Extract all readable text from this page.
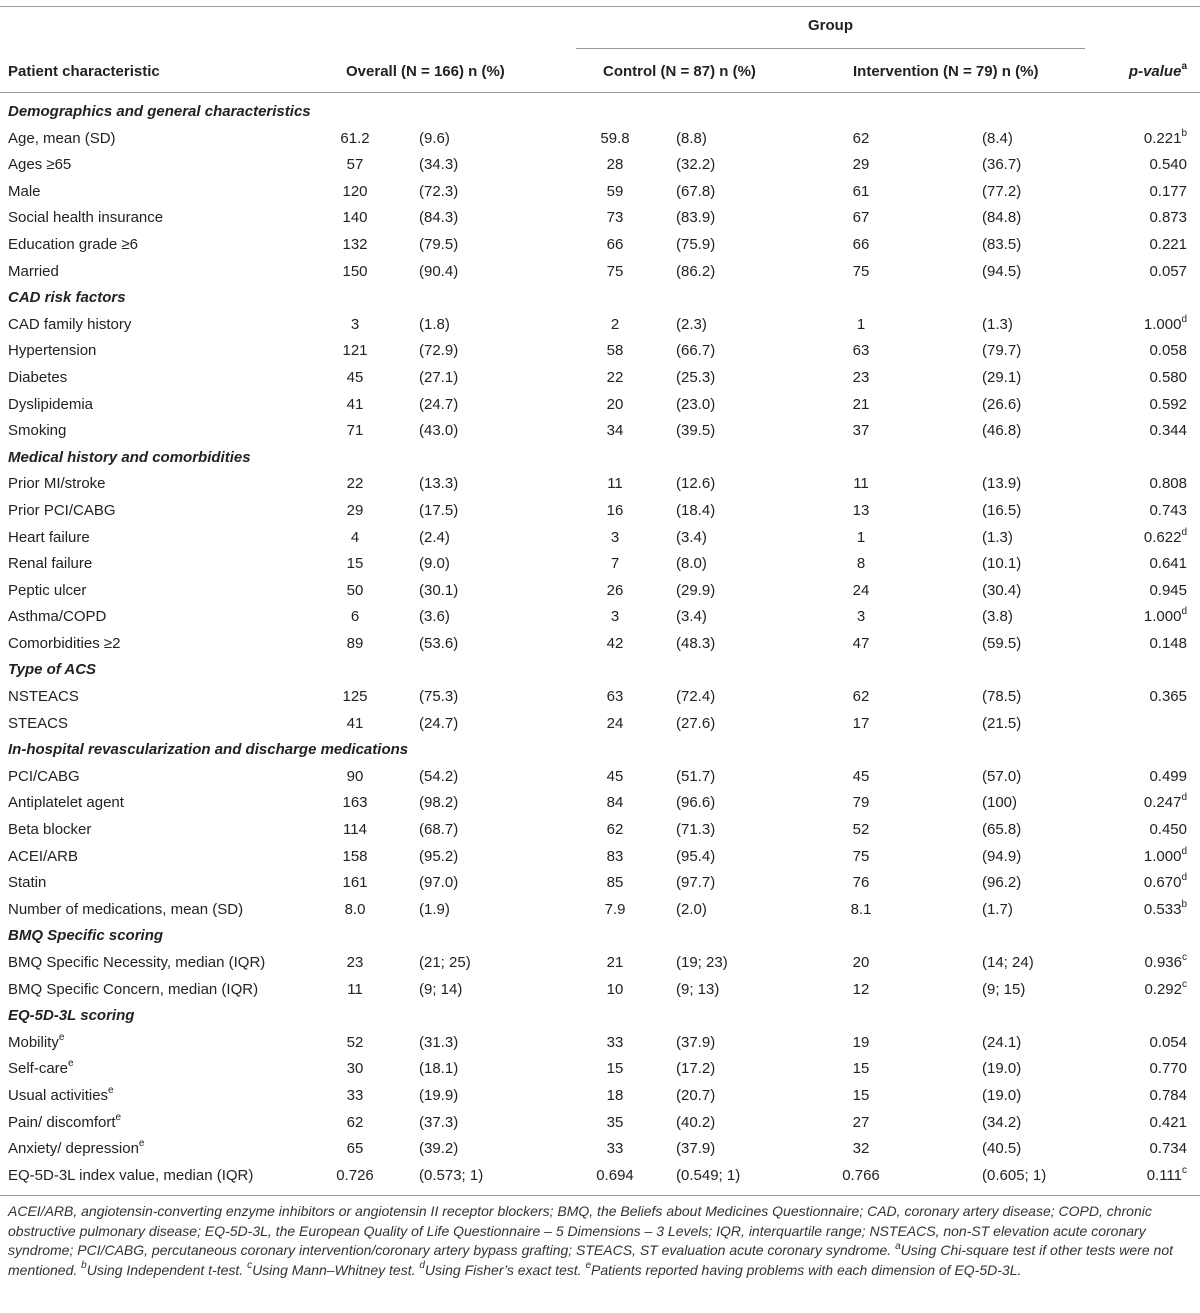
Group
Patient characteristic	Overall (N = 166) n (%)	Control (N = 87) n (%)	Intervention (N = 79) n (%)	p-value$^a$
Demographics and general characteristics
Age, mean (SD)	61.2	(9.6)	59.8	(8.8)	62	(8.4)	0.221$^b$
Ages ≥65	57	(34.3)	28	(32.2)	29	(36.7)	0.540
Male	120	(72.3)	59	(67.8)	61	(77.2)	0.177
Social health insurance	140	(84.3)	73	(83.9)	67	(84.8)	0.873
Education grade ≥6	132	(79.5)	66	(75.9)	66	(83.5)	0.221
Married	150	(90.4)	75	(86.2)	75	(94.5)	0.057
CAD risk factors
CAD family history	3	(1.8)	2	(2.3)	1	(1.3)	1.000$^d$
Hypertension	121	(72.9)	58	(66.7)	63	(79.7)	0.058
Diabetes	45	(27.1)	22	(25.3)	23	(29.1)	0.580
Dyslipidemia	41	(24.7)	20	(23.0)	21	(26.6)	0.592
Smoking	71	(43.0)	34	(39.5)	37	(46.8)	0.344
Medical history and comorbidities
Prior MI/stroke	22	(13.3)	11	(12.6)	11	(13.9)	0.808
Prior PCI/CABG	29	(17.5)	16	(18.4)	13	(16.5)	0.743
Heart failure	4	(2.4)	3	(3.4)	1	(1.3)	0.622$^d$
Renal failure	15	(9.0)	7	(8.0)	8	(10.1)	0.641
Peptic ulcer	50	(30.1)	26	(29.9)	24	(30.4)	0.945
Asthma/COPD	6	(3.6)	3	(3.4)	3	(3.8)	1.000$^d$
Comorbidities ≥2	89	(53.6)	42	(48.3)	47	(59.5)	0.148
Type of ACS
NSTEACS	125	(75.3)	63	(72.4)	62	(78.5)	0.365
STEACS	41	(24.7)	24	(27.6)	17	(21.5)
In-hospital revascularization and discharge medications
PCI/CABG	90	(54.2)	45	(51.7)	45	(57.0)	0.499
Antiplatelet agent	163	(98.2)	84	(96.6)	79	(100)	0.247$^d$
Beta blocker	114	(68.7)	62	(71.3)	52	(65.8)	0.450
ACEI/ARB	158	(95.2)	83	(95.4)	75	(94.9)	1.000$^d$
Statin	161	(97.0)	85	(97.7)	76	(96.2)	0.670$^d$
Number of medications, mean (SD)	8.0	(1.9)	7.9	(2.0)	8.1	(1.7)	0.533$^b$
BMQ Specific scoring
BMQ Specific Necessity, median (IQR)	23	(21; 25)	21	(19; 23)	20	(14; 24)	0.936$^c$
BMQ Specific Concern, median (IQR)	11	(9; 14)	10	(9; 13)	12	(9; 15)	0.292$^c$
EQ-5D-3L scoring
Mobility$^e$	52	(31.3)	33	(37.9)	19	(24.1)	0.054
Self-care$^e$	30	(18.1)	15	(17.2)	15	(19.0)	0.770
Usual activities$^e$	33	(19.9)	18	(20.7)	15	(19.0)	0.784
Pain/ discomfort$^e$	62	(37.3)	35	(40.2)	27	(34.2)	0.421
Anxiety/ depression$^e$	65	(39.2)	33	(37.9)	32	(40.5)	0.734
EQ-5D-3L index value, median (IQR)	0.726	(0.573; 1)	0.694	(0.549; 1)	0.766	(0.605; 1)	0.111$^c$
ACEI/ARB, angiotensin-converting enzyme inhibitors or angiotensin II receptor blockers; BMQ, the Beliefs about Medicines Questionnaire; CAD, coronary artery disease; COPD, chronic obstructive pulmonary disease; EQ-5D-3L, the European Quality of Life Questionnaire – 5 Dimensions – 3 Levels; IQR, interquartile range; NSTEACS, non-ST elevation acute coronary syndrome; PCI/CABG, percutaneous coronary intervention/coronary artery bypass grafting; STEACS, ST evaluation acute coronary syndrome. $^a$Using Chi-square test if other tests were not mentioned. $^b$Using Independent t-test. $^c$Using Mann–Whitney test. $^d$Using Fisher’s exact test. $^e$Patients reported having problems with each dimension of EQ-5D-3L.
